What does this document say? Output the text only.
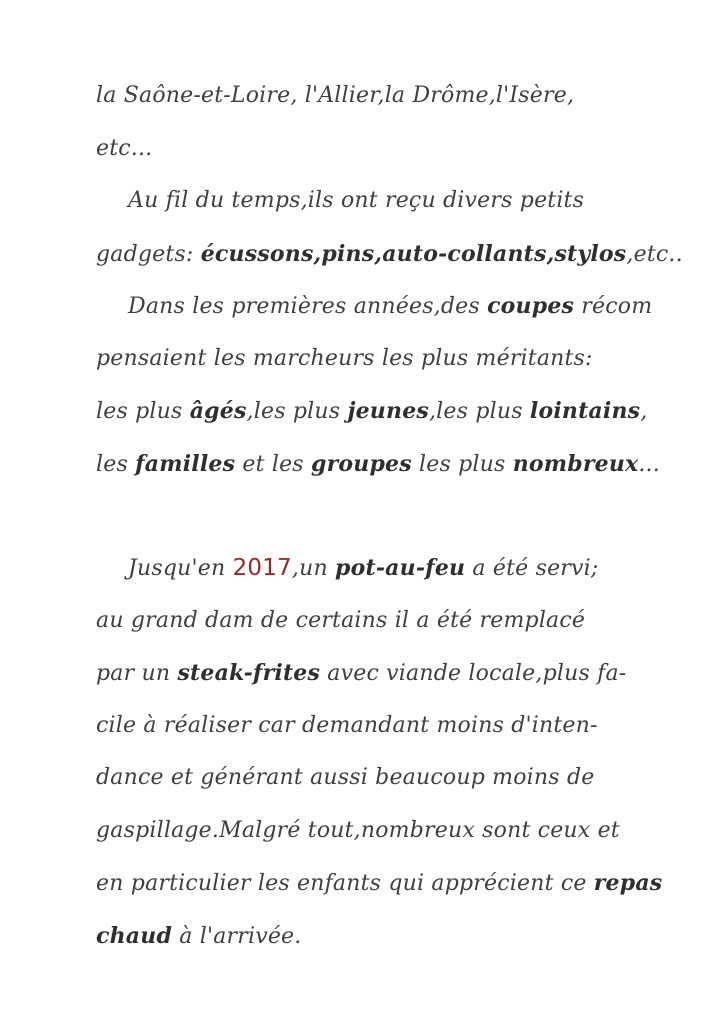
la Saône-et-Loire, l'Allier,la Drôme,l'Isère,
etc...
Au fil du temps,ils ont reçu divers petits
gadgets: écussons,pins,auto-collants,stylos,etc..
Dans les premières années,des coupes récom
pensaient les marcheurs les plus méritants:
les plus âgés,les plus jeunes,les plus lointains,
les familles et les groupes les plus nombreux...
Jusqu'en 2017,un pot-au-feu a été servi;
au grand dam de certains il a été remplacé
par un steak-frites avec viande locale,plus fa-
cile à réaliser car demandant moins d'inten-
dance et générant aussi beaucoup moins de
gaspillage.Malgré tout,nombreux sont ceux et
en particulier les enfants qui apprécient ce repas
chaud à l'arrivée.
